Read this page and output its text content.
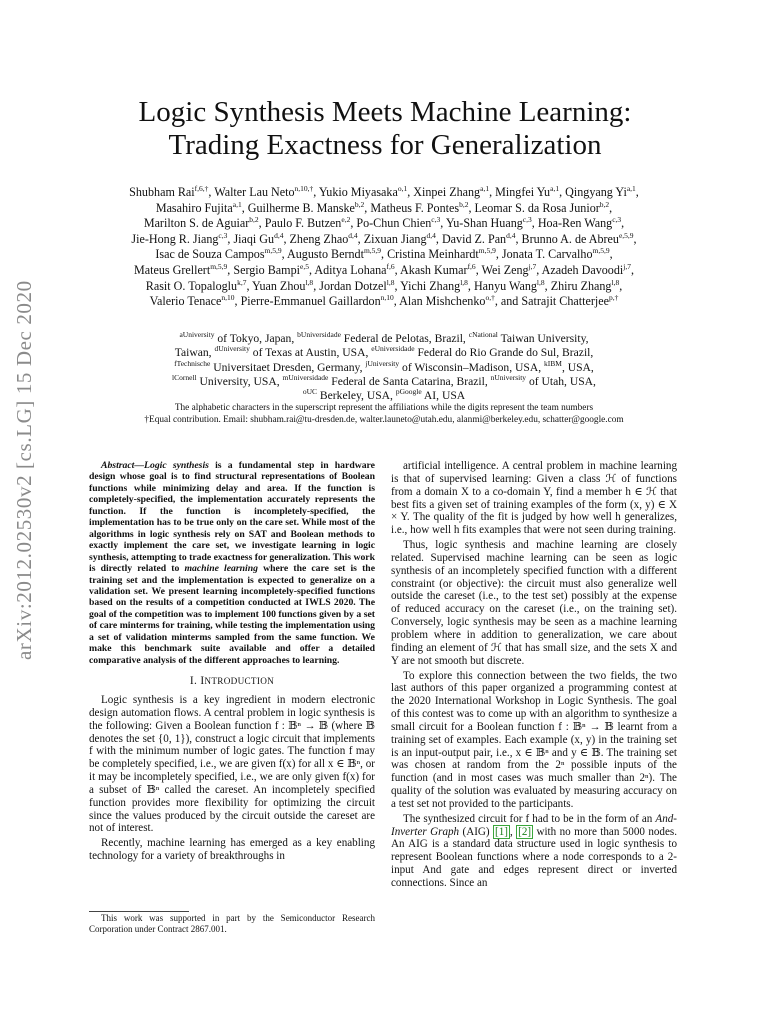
arXiv:2012.02530v2 [cs.LG] 15 Dec 2020
Logic Synthesis Meets Machine Learning:
Trading Exactness for Generalization
Shubham Rai$^{f,6,\dagger}$, Walter Lau Neto$^{n,10,\dagger}$, Yukio Miyasaka$^{o,1}$, Xinpei Zhang$^{a,1}$, Mingfei Yu$^{a,1}$, Qingyang Yi$^{a,1}$,
Masahiro Fujita$^{a,1}$, Guilherme B. Manske$^{b,2}$, Matheus F. Pontes$^{b,2}$, Leomar S. da Rosa Junior$^{b,2}$,
Marilton S. de Aguiar$^{b,2}$, Paulo F. Butzen$^{e,2}$, Po-Chun Chien$^{c,3}$, Yu-Shan Huang$^{c,3}$, Hoa-Ren Wang$^{c,3}$,
Jie-Hong R. Jiang$^{c,3}$, Jiaqi Gu$^{d,4}$, Zheng Zhao$^{d,4}$, Zixuan Jiang$^{d,4}$, David Z. Pan$^{d,4}$, Brunno A. de Abreu$^{e,5,9}$,
Isac de Souza Campos$^{m,5,9}$, Augusto Berndt$^{m,5,9}$, Cristina Meinhardt$^{m,5,9}$, Jonata T. Carvalho$^{m,5,9}$,
Mateus Grellert$^{m,5,9}$, Sergio Bampi$^{e,5}$, Aditya Lohana$^{f,6}$, Akash Kumar$^{f,6}$, Wei Zeng$^{j,7}$, Azadeh Davoodi$^{j,7}$,
Rasit O. Topaloglu$^{k,7}$, Yuan Zhou$^{l,8}$, Jordan Dotzel$^{l,8}$, Yichi Zhang$^{l,8}$, Hanyu Wang$^{l,8}$, Zhiru Zhang$^{l,8}$,
Valerio Tenace$^{n,10}$, Pierre-Emmanuel Gaillardon$^{n,10}$, Alan Mishchenko$^{o,\dagger}$, and Satrajit Chatterjee$^{p,\dagger}$
$^{aUniversity}$ of Tokyo, Japan, $^{bUniversidade}$ Federal de Pelotas, Brazil, $^{cNational}$ Taiwan University,
Taiwan, $^{dUniversity}$ of Texas at Austin, USA, $^{eUniversidade}$ Federal do Rio Grande do Sul, Brazil,
$^{fTechnische}$ Universitaet Dresden, Germany, $^{jUniversity}$ of Wisconsin–Madison, USA, $^{kIBM}$, USA,
$^{lCornell}$ University, USA, $^{mUniversidade}$ Federal de Santa Catarina, Brazil, $^{nUniversity}$ of Utah, USA,
$^{oUC}$ Berkeley, USA, $^{pGoogle}$ AI, USA
The alphabetic characters in the superscript represent the affiliations while the digits represent the team numbers
†Equal contribution. Email: shubham.rai@tu-dresden.de, walter.launeto@utah.edu, alanmi@berkeley.edu, schatter@google.com

Abstract—Logic synthesis is a fundamental step in hardware design whose goal is to find structural representations of Boolean functions while minimizing delay and area. If the function is completely-specified, the implementation accurately represents the function. If the function is incompletely-specified, the implementation has to be true only on the care set. While most of the algorithms in logic synthesis rely on SAT and Boolean methods to exactly implement the care set, we investigate learning in logic synthesis, attempting to trade exactness for generalization. This work is directly related to machine learning where the care set is the training set and the implementation is expected to generalize on a validation set. We present learning incompletely-specified functions based on the results of a competition conducted at IWLS 2020. The goal of the competition was to implement 100 functions given by a set of care minterms for training, while testing the implementation using a set of validation minterms sampled from the same function. We make this benchmark suite available and offer a detailed comparative analysis of the different approaches to learning.

I. INTRODUCTION

Logic synthesis is a key ingredient in modern electronic design automation flows. A central problem in logic synthesis is the following: Given a Boolean function f : 𝔹ⁿ → 𝔹 (where 𝔹 denotes the set {0, 1}), construct a logic circuit that implements f with the minimum number of logic gates. The function f may be completely specified, i.e., we are given f(x) for all x ∈ 𝔹ⁿ, or it may be incompletely specified, i.e., we are only given f(x) for a subset of 𝔹ⁿ called the careset. An incompletely specified function provides more flexibility for optimizing the circuit since the values produced by the circuit outside the careset are not of interest.

Recently, machine learning has emerged as a key enabling technology for a variety of breakthroughs in

artificial intelligence. A central problem in machine learning is that of supervised learning: Given a class ℋ of functions from a domain X to a co-domain Y, find a member h ∈ ℋ that best fits a given set of training examples of the form (x, y) ∈ X × Y. The quality of the fit is judged by how well h generalizes, i.e., how well h fits examples that were not seen during training.

Thus, logic synthesis and machine learning are closely related. Supervised machine learning can be seen as logic synthesis of an incompletely specified function with a different constraint (or objective): the circuit must also generalize well outside the careset (i.e., to the test set) possibly at the expense of reduced accuracy on the careset (i.e., on the training set). Conversely, logic synthesis may be seen as a machine learning problem where in addition to generalization, we care about finding an element of ℋ that has small size, and the sets X and Y are not smooth but discrete.

To explore this connection between the two fields, the two last authors of this paper organized a programming contest at the 2020 International Workshop in Logic Synthesis. The goal of this contest was to come up with an algorithm to synthesize a small circuit for a Boolean function f : 𝔹ⁿ → 𝔹 learnt from a training set of examples. Each example (x, y) in the training set is an input-output pair, i.e., x ∈ 𝔹ⁿ and y ∈ 𝔹. The training set was chosen at random from the 2ⁿ possible inputs of the function (and in most cases was much smaller than 2ⁿ). The quality of the solution was evaluated by measuring accuracy on a test set not provided to the participants.

The synthesized circuit for f had to be in the form of an And-Inverter Graph (AIG) [1] , [2] with no more than 5000 nodes. An AIG is a standard data structure used in logic synthesis to represent Boolean functions where a node corresponds to a 2-input And gate and edges represent direct or inverted connections. Since an

This work was supported in part by the Semiconductor Research Corporation under Contract 2867.001.
